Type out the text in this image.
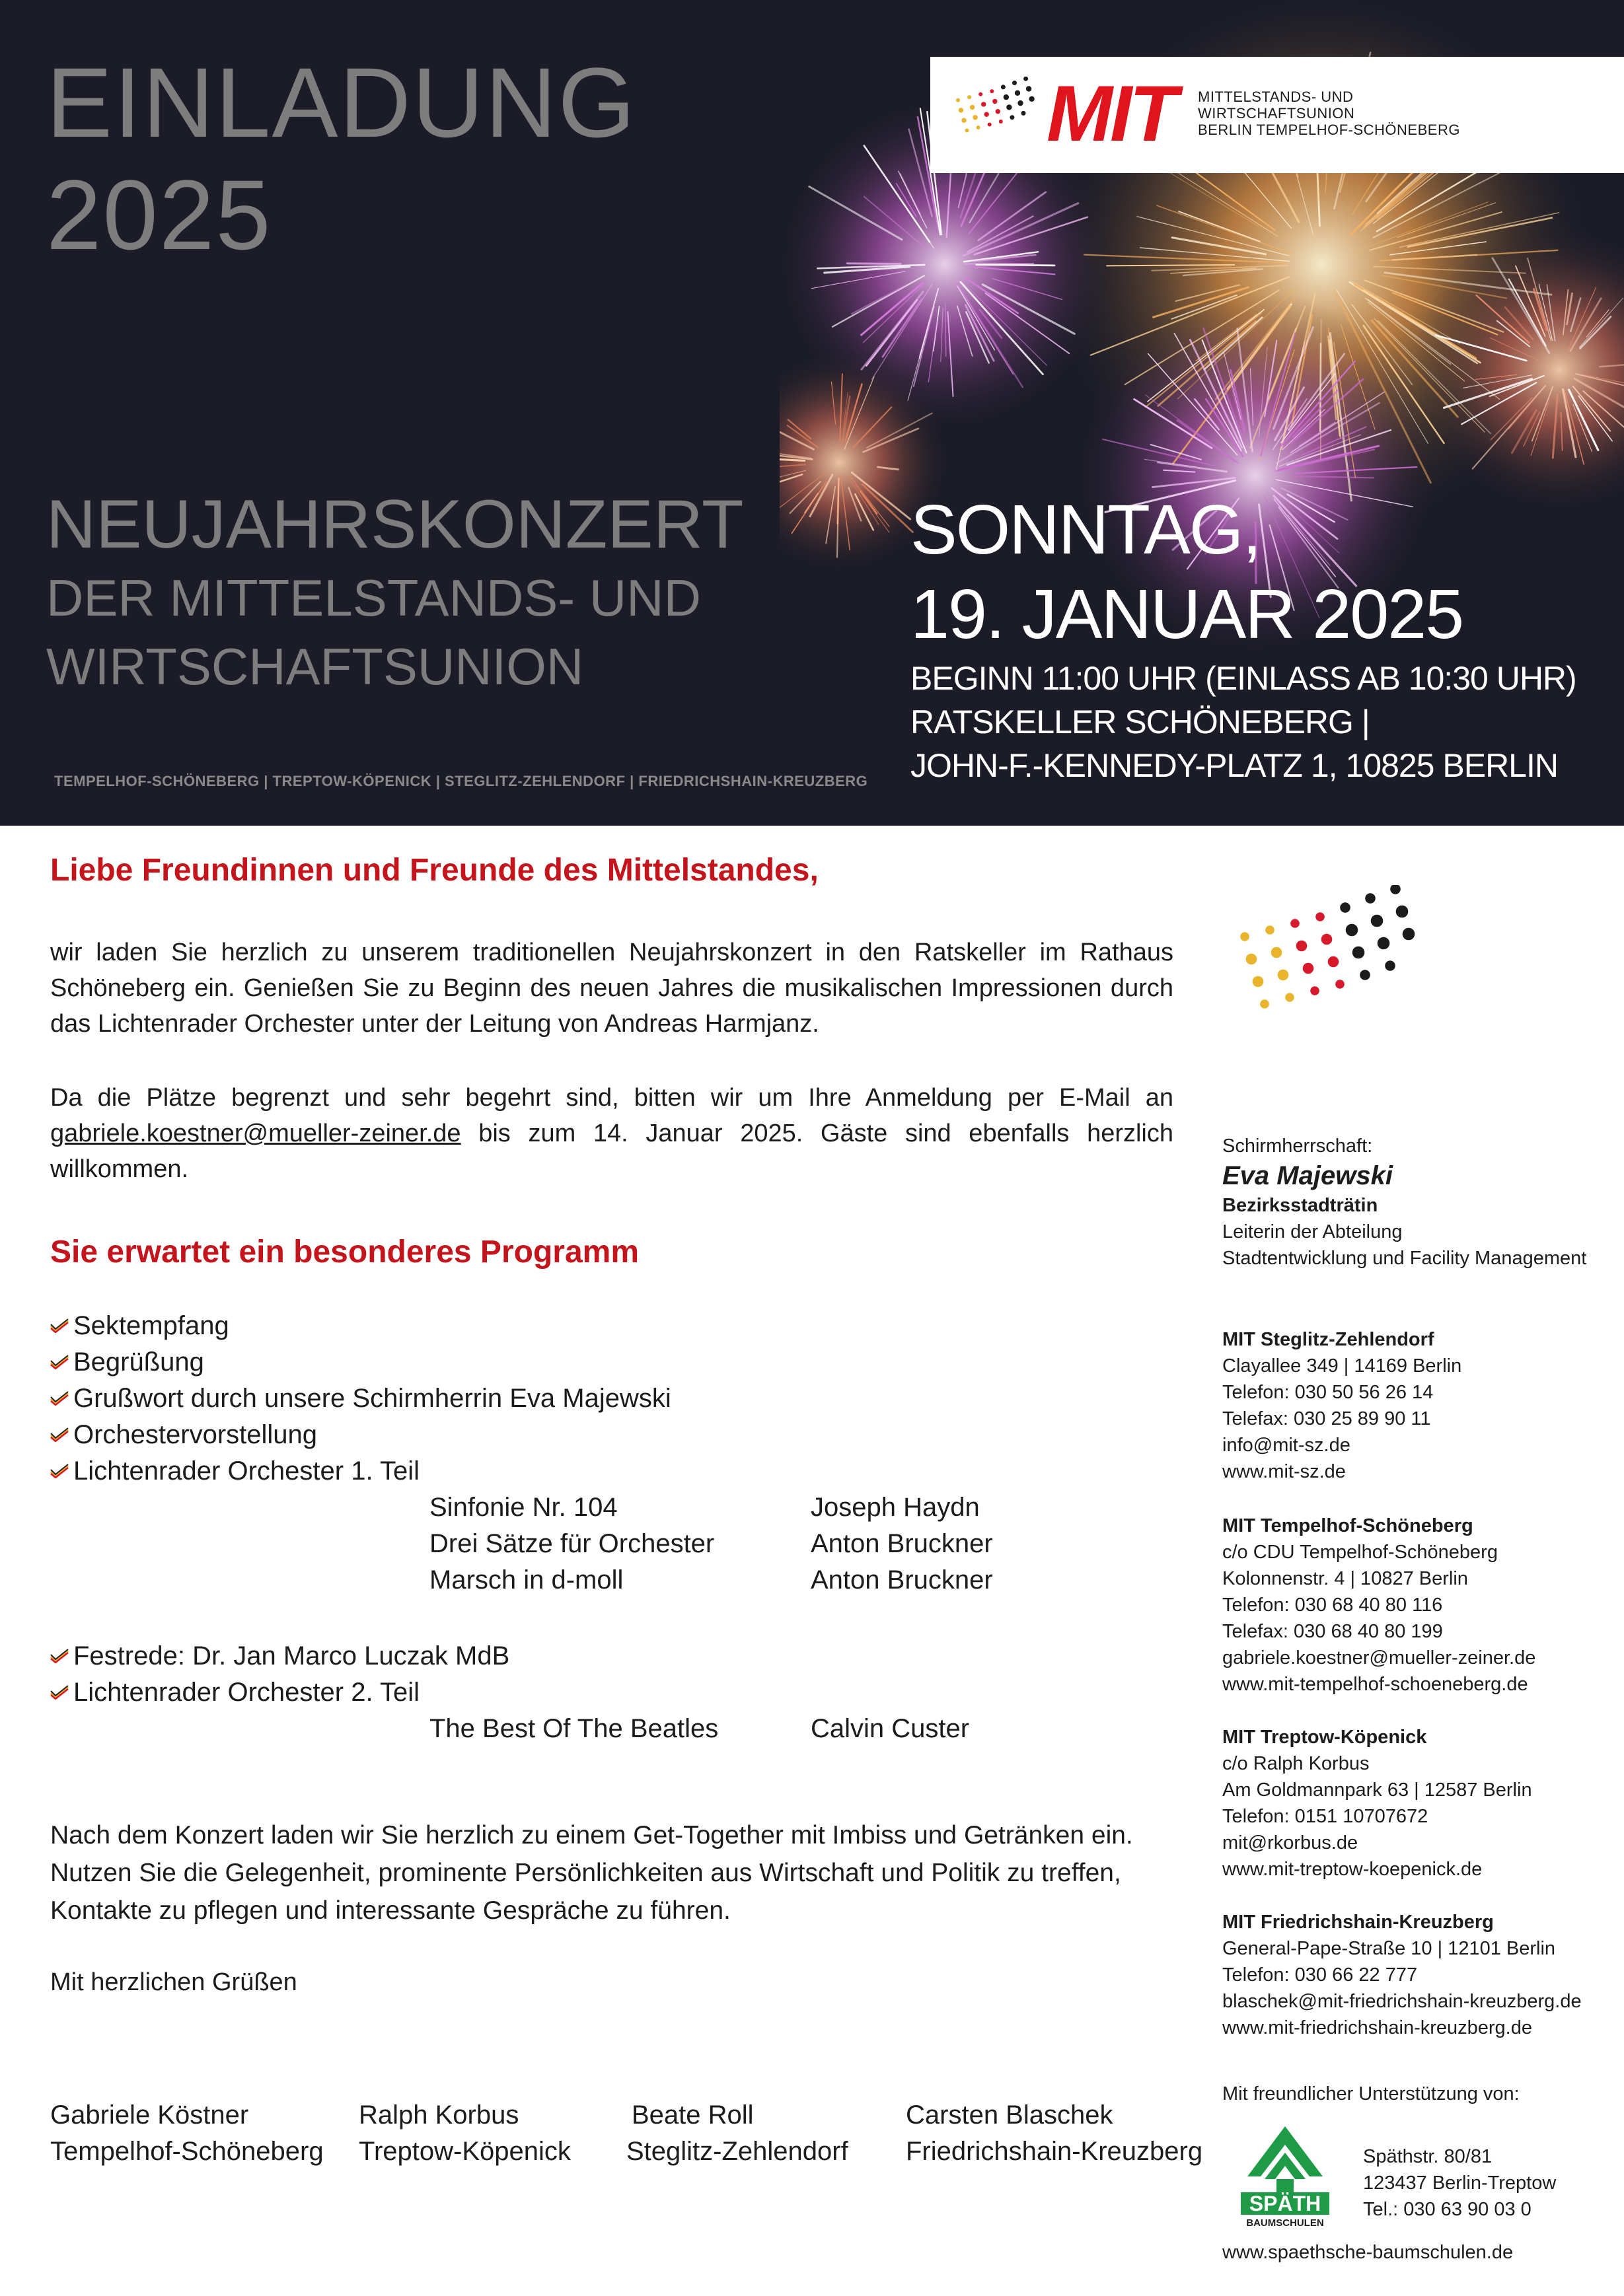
EINLADUNG
2025
NEUJAHRSKONZERT
DER MITTELSTANDS- UND
WIRTSCHAFTSUNION
TEMPELHOF-SCHÖNEBERG | TREPTOW-KÖPENICK | STEGLITZ-ZEHLENDORF | FRIEDRICHSHAIN-KREUZBERG
SONNTAG,
19. JANUAR 2025
BEGINN 11:00 UHR (EINLASS AB 10:30 UHR)
RATSKELLER SCHÖNEBERG |
JOHN-F.-KENNEDY-PLATZ 1, 10825 BERLIN
MIT MITTELSTANDS- UND
WIRTSCHAFTSUNION
BERLIN TEMPELHOF-SCHÖNEBERG

Liebe Freundinnen und Freunde des Mittelstandes,

wir laden Sie herzlich zu unserem traditionellen Neujahrskonzert in den Ratskeller im Rathaus Schöneberg ein. Genießen Sie zu Beginn des neuen Jahres die musikalischen Impressionen durch das Lichtenrader Orchester unter der Leitung von Andreas Harmjanz.

Da die Plätze begrenzt und sehr begehrt sind, bitten wir um Ihre Anmeldung per E-Mail an gabriele.koestner@mueller-zeiner.de bis zum 14. Januar 2025. Gäste sind ebenfalls herzlich willkommen.

Sie erwartet ein besonderes Programm

Sektempfang
Begrüßung
Grußwort durch unsere Schirmherrin Eva Majewski
Orchestervorstellung
Lichtenrader Orchester 1. Teil
Sinfonie Nr. 104	Joseph Haydn
Drei Sätze für Orchester	Anton Bruckner
Marsch in d-moll	Anton Bruckner
Festrede: Dr. Jan Marco Luczak MdB
Lichtenrader Orchester 2. Teil
The Best Of The Beatles	Calvin Custer

Nach dem Konzert laden wir Sie herzlich zu einem Get-Together mit Imbiss und Getränken ein. Nutzen Sie die Gelegenheit, prominente Persönlichkeiten aus Wirtschaft und Politik zu treffen, Kontakte zu pflegen und interessante Gespräche zu führen.

Mit herzlichen Grüßen

Gabriele Köstner
Tempelhof-Schöneberg
Ralph Korbus
Treptow-Köpenick
Beate Roll
Steglitz-Zehlendorf
Carsten Blaschek
Friedrichshain-Kreuzberg
Schirmherrschaft:
Eva Majewski
Bezirksstadträtin
Leiterin der Abteilung
Stadtentwicklung und Facility Management
MIT Steglitz-Zehlendorf
Clayallee 349 | 14169 Berlin
Telefon: 030 50 56 26 14
Telefax: 030 25 89 90 11
info@mit-sz.de
www.mit-sz.de
MIT Tempelhof-Schöneberg
c/o CDU Tempelhof-Schöneberg
Kolonnenstr. 4 | 10827 Berlin
Telefon: 030 68 40 80 116
Telefax: 030 68 40 80 199
gabriele.koestner@mueller-zeiner.de
www.mit-tempelhof-schoeneberg.de
MIT Treptow-Köpenick
c/o Ralph Korbus
Am Goldmannpark 63 | 12587 Berlin
Telefon: 0151 10707672
mit@rkorbus.de
www.mit-treptow-koepenick.de
MIT Friedrichshain-Kreuzberg
General-Pape-Straße 10 | 12101 Berlin
Telefon: 030 66 22 777
blaschek@mit-friedrichshain-kreuzberg.de
www.mit-friedrichshain-kreuzberg.de
Mit freundlicher Unterstützung von:
SPÄTH
BAUMSCHULEN
Späthstr. 80/81
123437 Berlin-Treptow
Tel.: 030 63 90 03 0
www.spaethsche-baumschulen.de
